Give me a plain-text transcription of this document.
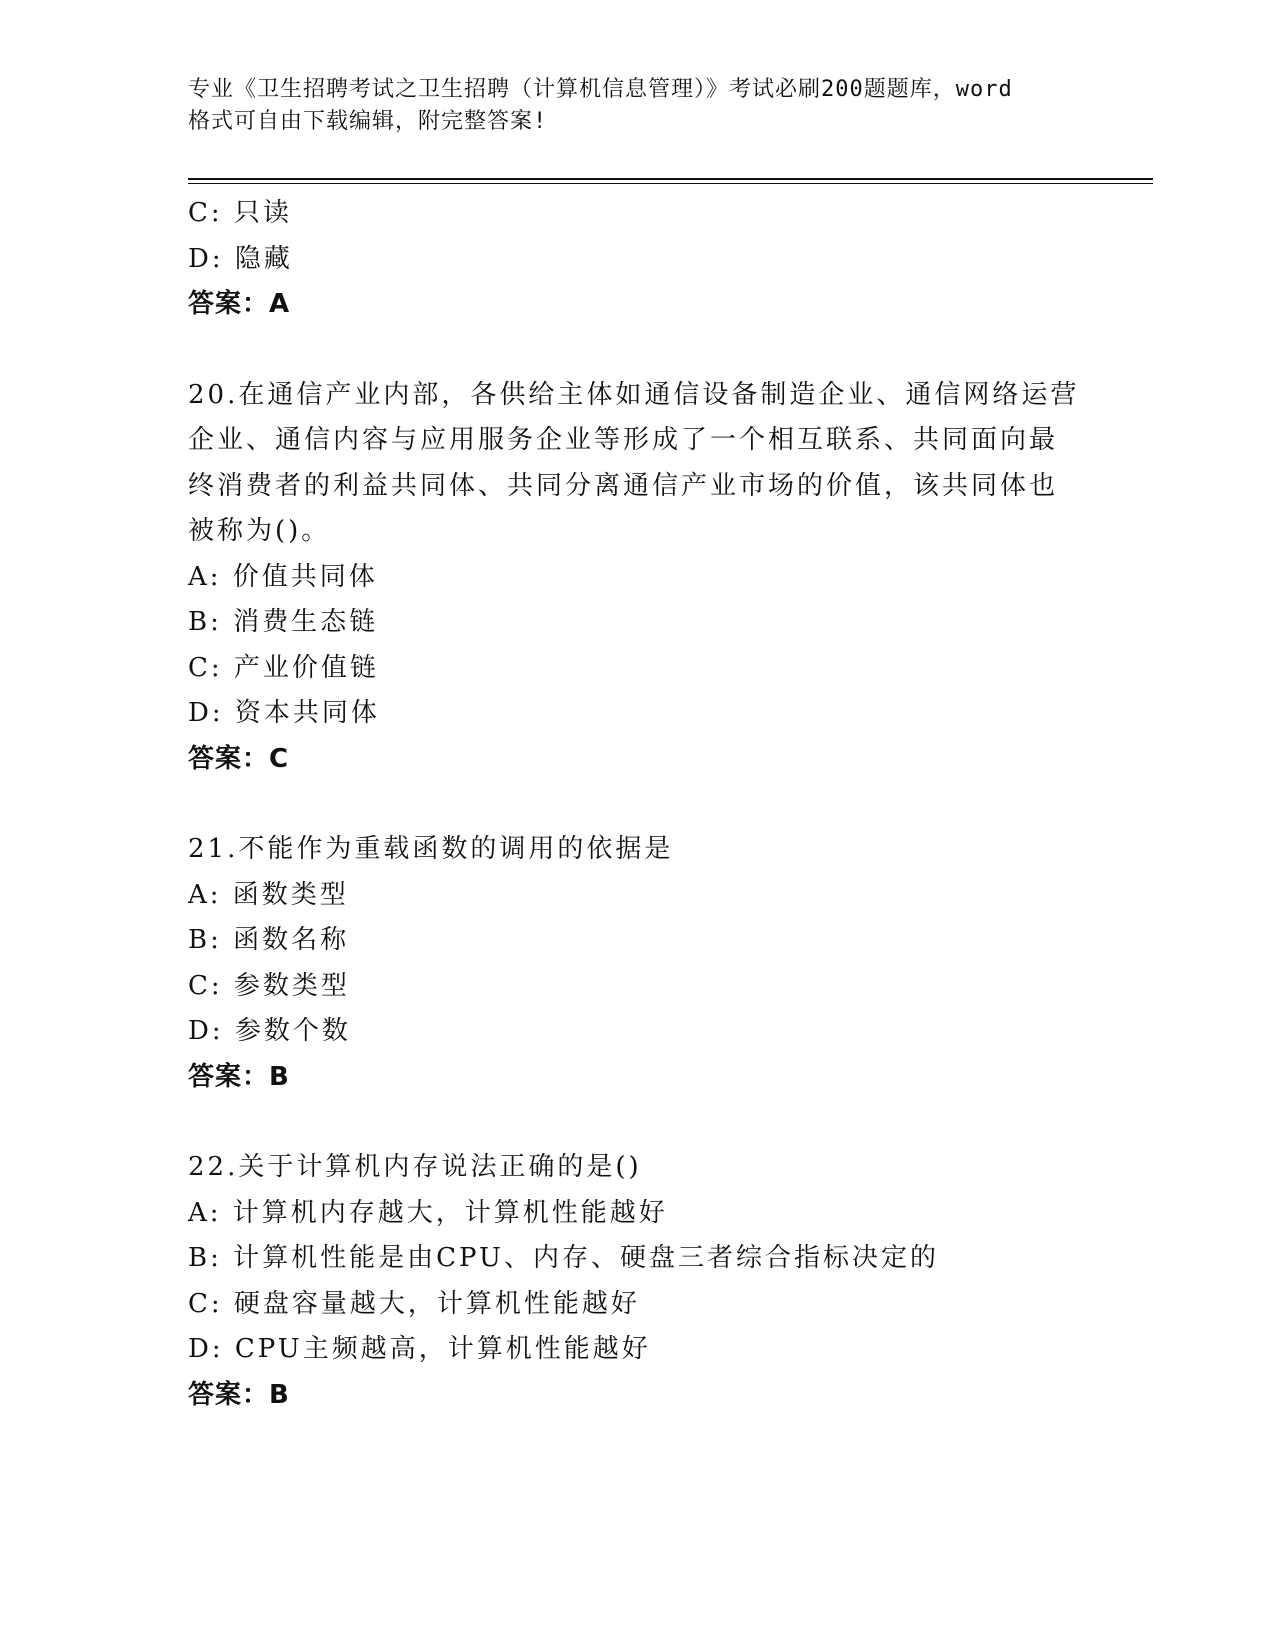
专业《卫生招聘考试之卫生招聘（计算机信息管理）》考试必刷200题题库，word
格式可自由下载编辑，附完整答案!
C: 只读
D: 隐藏
答案：A
20.在通信产业内部，各供给主体如通信设备制造企业、通信网络运营
企业、通信内容与应用服务企业等形成了一个相互联系、共同面向最
终消费者的利益共同体、共同分离通信产业市场的价值，该共同体也
被称为()。
A: 价值共同体
B: 消费生态链
C: 产业价值链
D: 资本共同体
答案：C
21.不能作为重载函数的调用的依据是
A: 函数类型
B: 函数名称
C: 参数类型
D: 参数个数
答案：B
22.关于计算机内存说法正确的是()
A: 计算机内存越大，计算机性能越好
B: 计算机性能是由CPU、内存、硬盘三者综合指标决定的
C: 硬盘容量越大，计算机性能越好
D: CPU主频越高，计算机性能越好
答案：B
